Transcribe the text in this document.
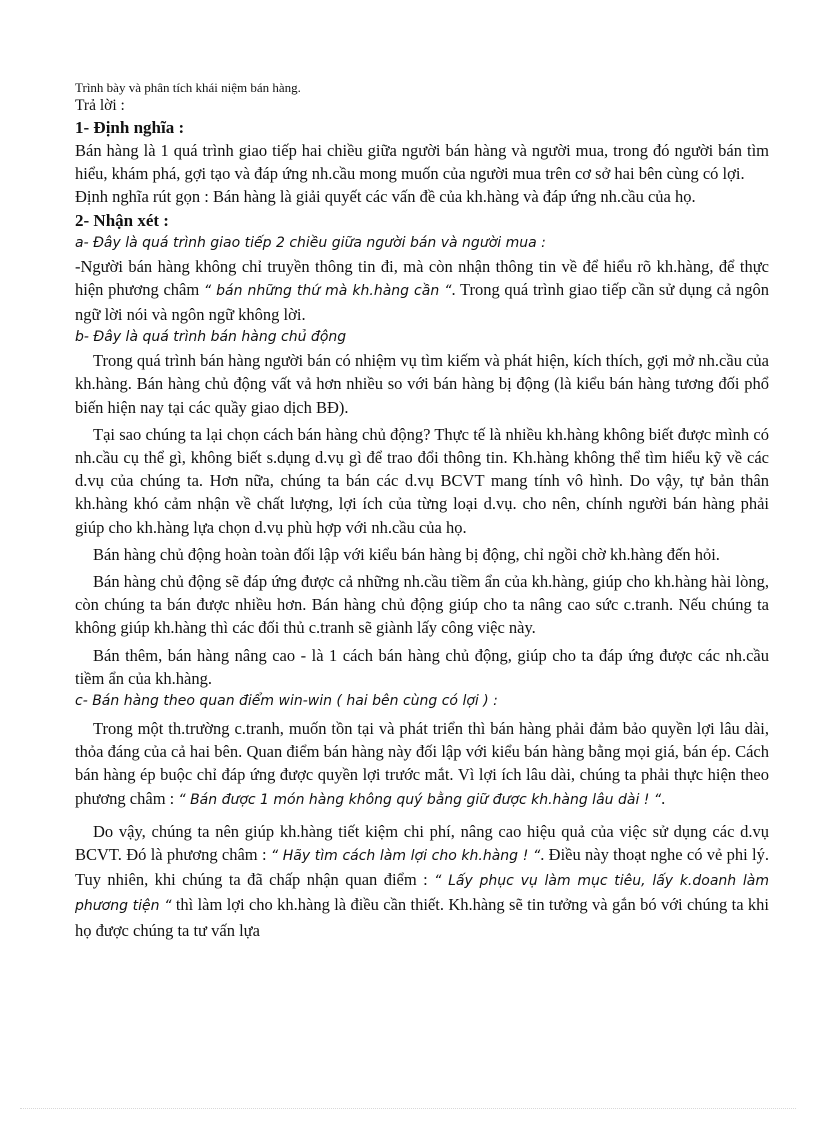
Trình bày và phân tích khái niệm bán hàng.

Trả lời :

1- Định nghĩa :

Bán hàng là 1 quá trình giao tiếp hai chiều giữa người bán hàng và người mua, trong đó người bán tìm hiểu, khám phá, gợi tạo và đáp ứng nh.cầu mong muốn của người mua trên cơ sở hai bên cùng có lợi.

Định nghĩa rút gọn : Bán hàng là giải quyết các vấn đề của kh.hàng và đáp ứng nh.cầu của họ.

2- Nhận xét :

a- Đây là quá trình giao tiếp 2 chiều giữa người bán và người mua :

-Người bán hàng không chỉ truyền thông tin đi, mà còn nhận thông tin về để hiểu rõ kh.hàng, để thực hiện phương châm “ bán những thứ mà kh.hàng cần “. Trong quá trình giao tiếp cần sử dụng cả ngôn ngữ lời nói và ngôn ngữ không lời.

b- Đây là quá trình bán hàng chủ động

Trong quá trình bán hàng người bán có nhiệm vụ tìm kiếm và phát hiện, kích thích, gợi mở nh.cầu của kh.hàng. Bán hàng chủ động vất vả hơn nhiều so với bán hàng bị động (là kiểu bán hàng tương đối phổ biến hiện nay tại các quầy giao dịch BĐ).

Tại sao chúng ta lại chọn cách bán hàng chủ động? Thực tế là nhiều kh.hàng không biết được mình có nh.cầu cụ thể gì, không biết s.dụng d.vụ gì để trao đổi thông tin. Kh.hàng không thể tìm hiểu kỹ về các d.vụ của chúng ta. Hơn nữa, chúng ta bán các d.vụ BCVT mang tính vô hình. Do vậy, tự bản thân kh.hàng khó cảm nhận về chất lượng, lợi ích của từng loại d.vụ. cho nên, chính người bán hàng phải giúp cho kh.hàng lựa chọn d.vụ phù hợp với nh.cầu của họ.

Bán hàng chủ động hoàn toàn đối lập với kiểu bán hàng bị động, chỉ ngồi chờ kh.hàng đến hỏi.

Bán hàng chủ động sẽ đáp ứng được cả những nh.cầu tiềm ẩn của kh.hàng, giúp cho kh.hàng hài lòng, còn chúng ta bán được nhiều hơn. Bán hàng chủ động giúp cho ta nâng cao sức c.tranh. Nếu chúng ta không giúp kh.hàng thì các đối thủ c.tranh sẽ giành lấy công việc này.

Bán thêm, bán hàng nâng cao - là 1 cách bán hàng chủ động, giúp cho ta đáp ứng được các nh.cầu tiềm ẩn của kh.hàng.

c- Bán hàng theo quan điểm win-win ( hai bên cùng có lợi ) :

Trong một th.trường c.tranh, muốn tồn tại và phát triển thì bán hàng phải đảm bảo quyền lợi lâu dài, thỏa đáng của cả hai bên. Quan điểm bán hàng này đối lập với kiểu bán hàng bằng mọi giá, bán ép. Cách bán hàng ép buộc chỉ đáp ứng được quyền lợi trước mắt. Vì lợi ích lâu dài, chúng ta phải thực hiện theo phương châm : “ Bán được 1 món hàng không quý bằng giữ được kh.hàng lâu dài ! “.

Do vậy, chúng ta nên giúp kh.hàng tiết kiệm chi phí, nâng cao hiệu quả của việc sử dụng các d.vụ BCVT. Đó là phương châm : “ Hãy tìm cách làm lợi cho kh.hàng ! “. Điều này thoạt nghe có vẻ phi lý. Tuy nhiên, khi chúng ta đã chấp nhận quan điểm : “ Lấy phục vụ làm mục tiêu, lấy k.doanh làm phương tiện “ thì làm lợi cho kh.hàng là điều cần thiết. Kh.hàng sẽ tin tưởng và gắn bó với chúng ta khi họ được chúng ta tư vấn lựa
